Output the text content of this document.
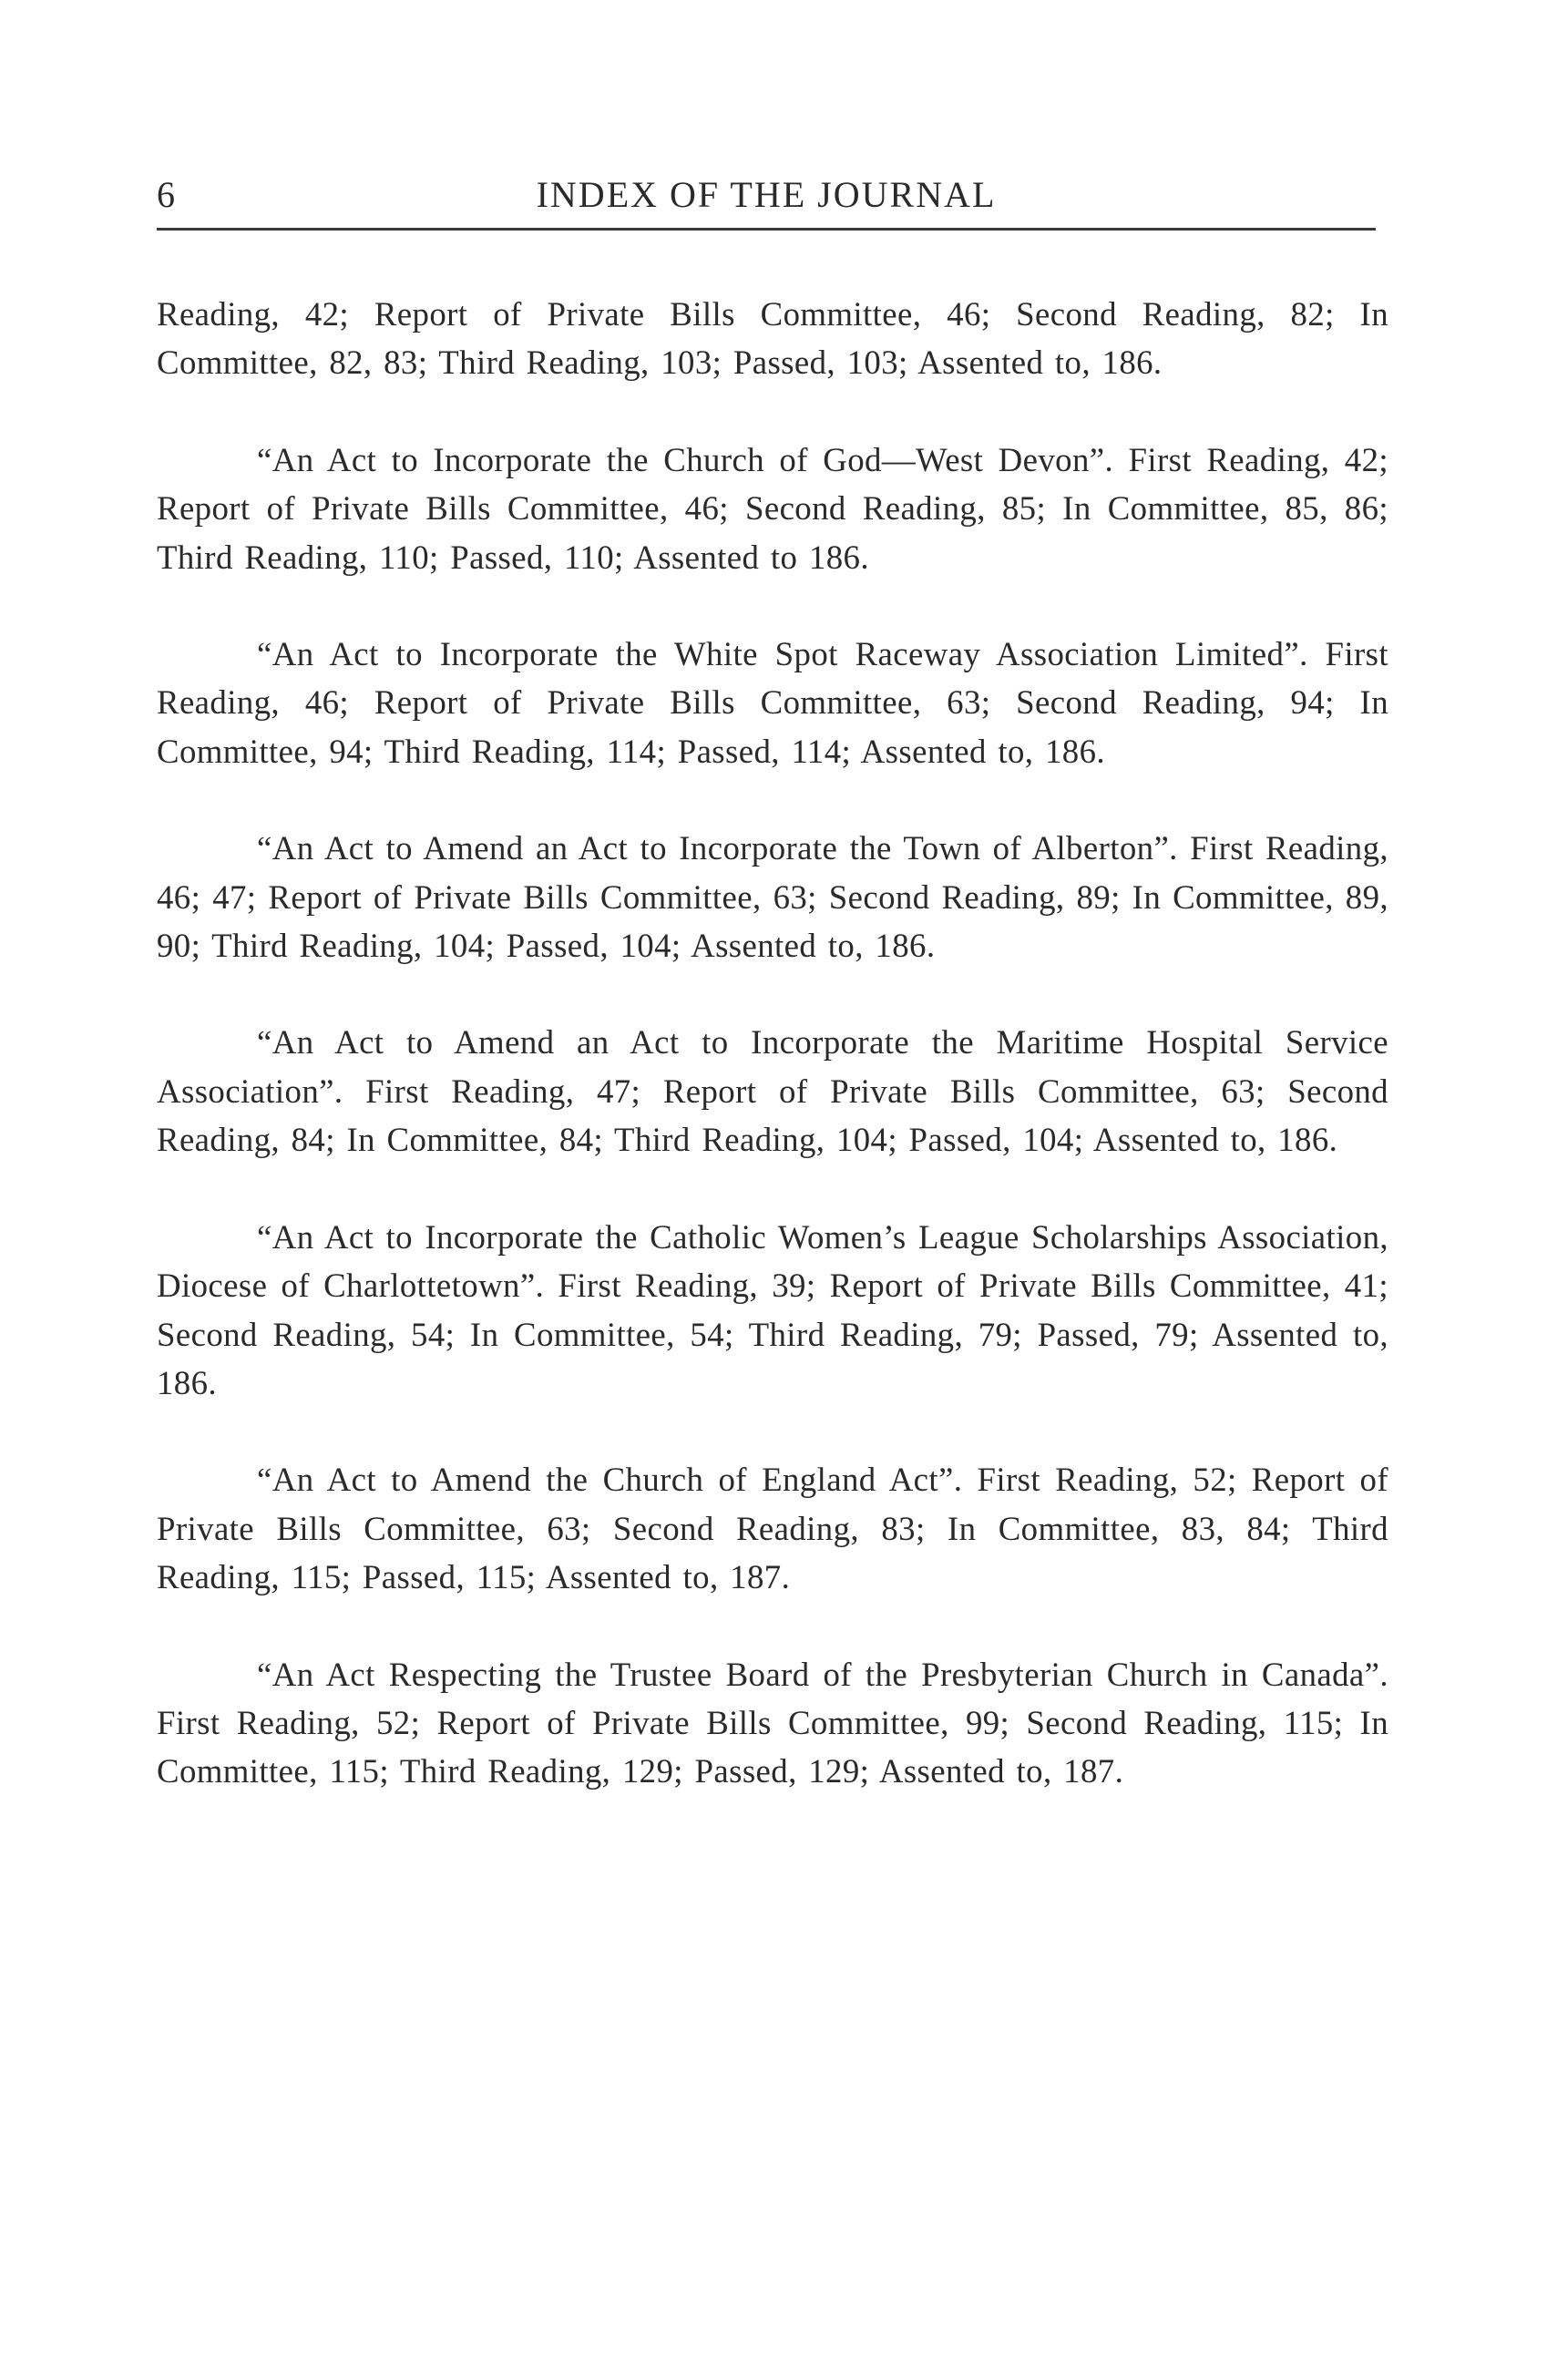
6	INDEX OF THE JOURNAL

Reading, 42; Report of Private Bills Committee, 46; Second Reading, 82; In Committee, 82, 83; Third Reading, 103; Passed, 103; Assented to, 186.

“An Act to Incorporate the Church of God—West Devon”. First Reading, 42; Report of Private Bills Committee, 46; Second Reading, 85; In Committee, 85, 86; Third Reading, 110; Passed, 110; Assented to 186.

“An Act to Incorporate the White Spot Raceway Association Limited”. First Reading, 46; Report of Private Bills Committee, 63; Second Reading, 94; In Committee, 94; Third Reading, 114; Passed, 114; Assented to, 186.

“An Act to Amend an Act to Incorporate the Town of Alberton”. First Reading, 46; 47; Report of Private Bills Committee, 63; Second Reading, 89; In Committee, 89, 90; Third Reading, 104; Passed, 104; Assented to, 186.

“An Act to Amend an Act to Incorporate the Maritime Hospital Service Association”. First Reading, 47; Report of Private Bills Committee, 63; Second Reading, 84; In Committee, 84; Third Reading, 104; Passed, 104; Assented to, 186.

“An Act to Incorporate the Catholic Women’s League Scholarships Association, Diocese of Charlottetown”. First Reading, 39; Report of Private Bills Committee, 41; Second Reading, 54; In Committee, 54; Third Reading, 79; Passed, 79; Assented to, 186.

“An Act to Amend the Church of England Act”. First Reading, 52; Report of Private Bills Committee, 63; Second Reading, 83; In Committee, 83, 84; Third Reading, 115; Passed, 115; Assented to, 187.

“An Act Respecting the Trustee Board of the Presbyterian Church in Canada”. First Reading, 52; Report of Private Bills Committee, 99; Second Reading, 115; In Committee, 115; Third Reading, 129; Passed, 129; Assented to, 187.
